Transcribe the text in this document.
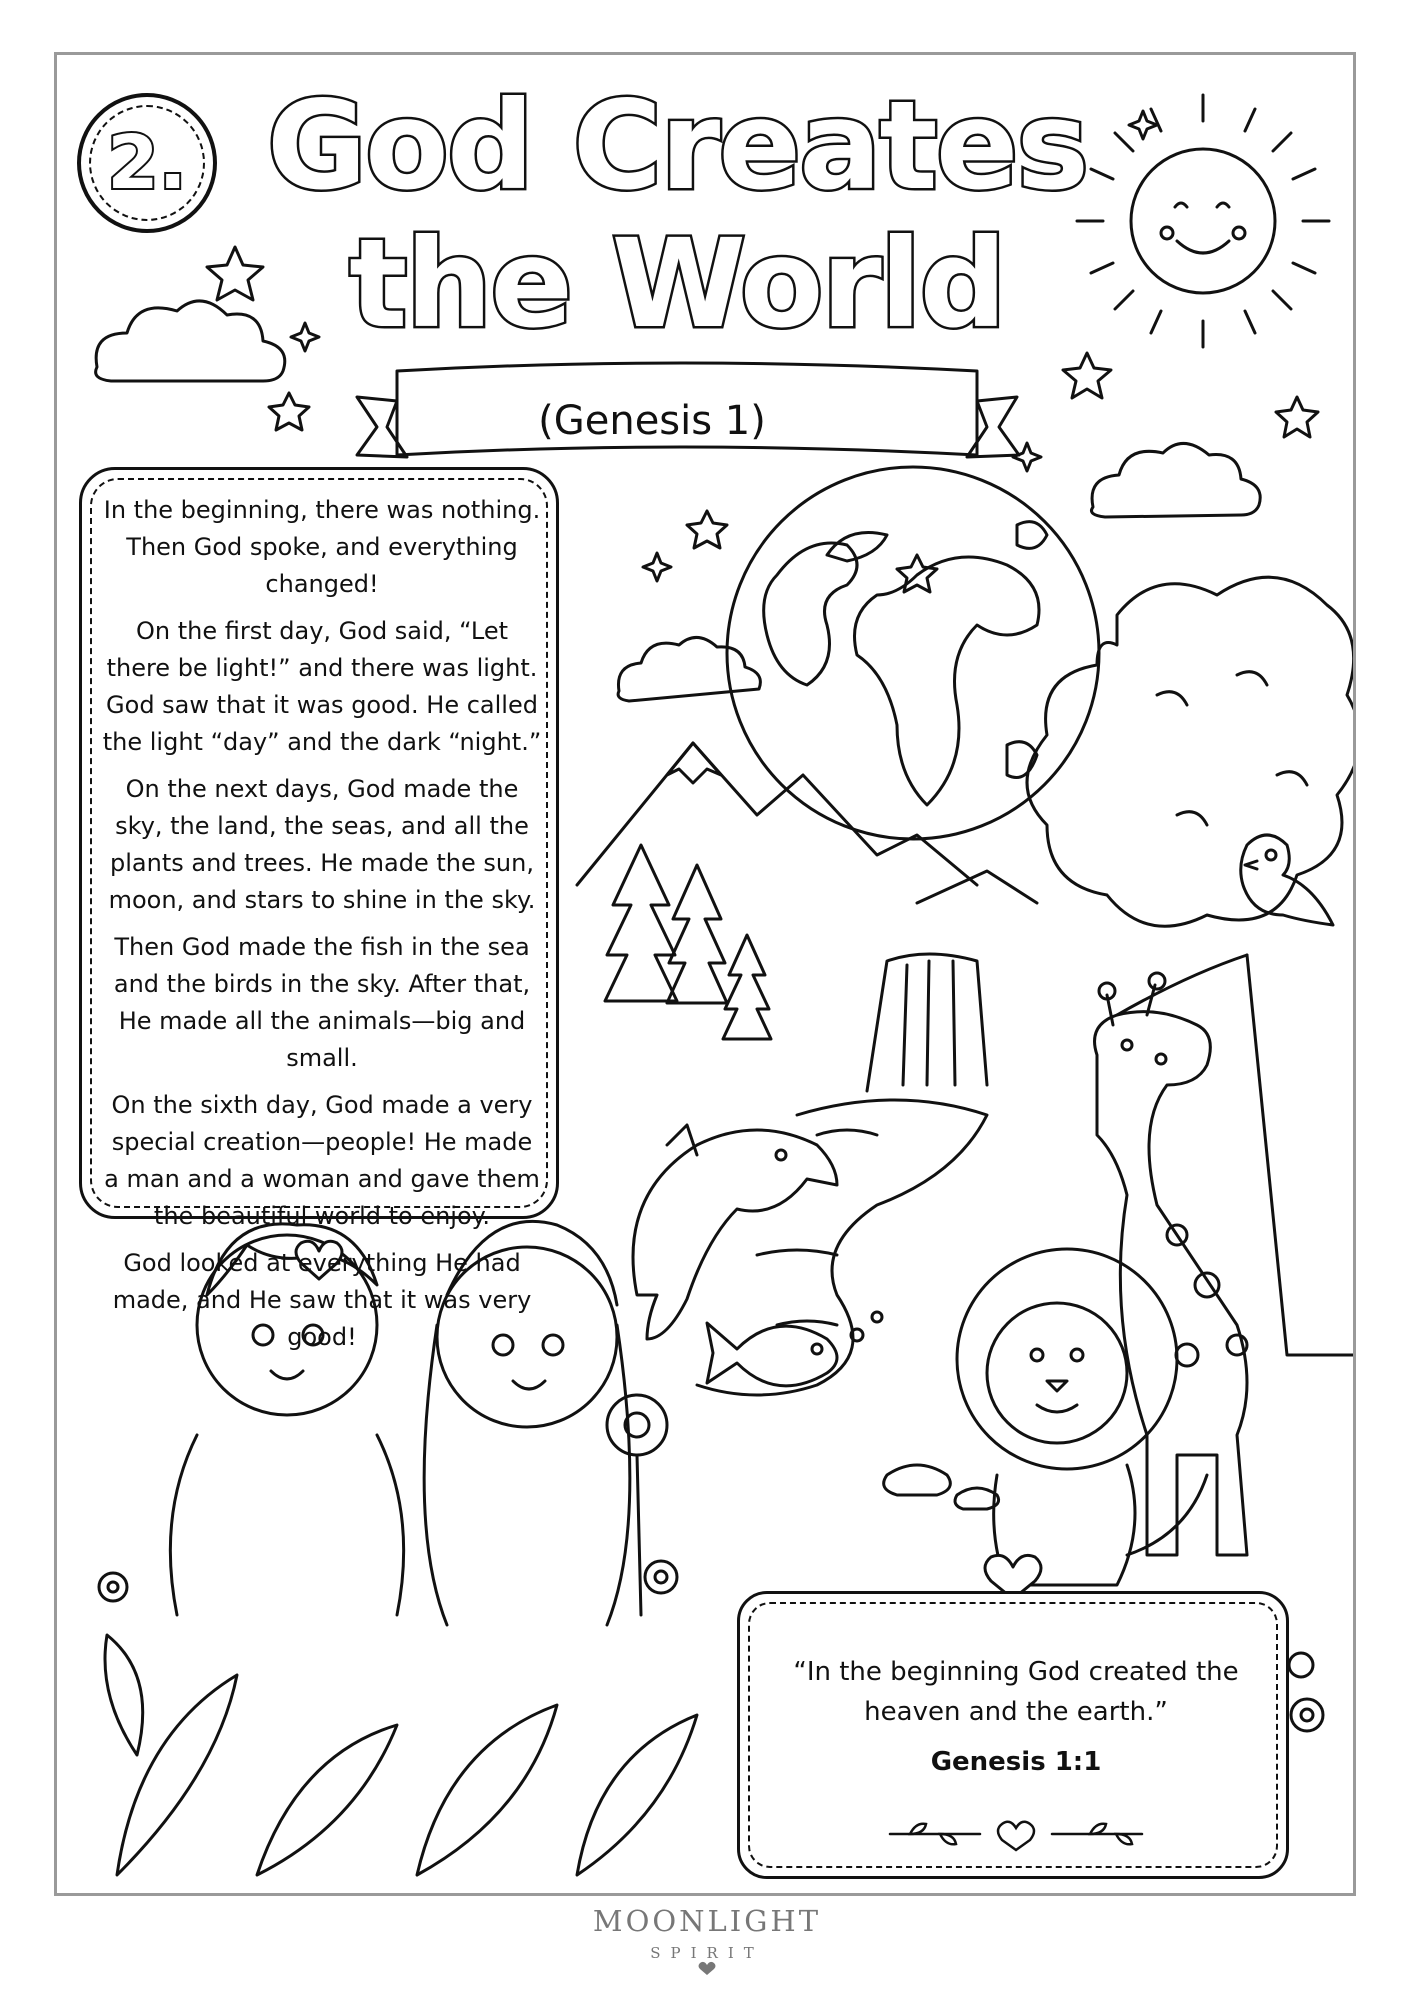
2. God Creates
the World
(Genesis 1)

In the beginning, there was nothing. Then God spoke, and everything changed!

On the first day, God said, “Let there be light!” and there was light. God saw that it was good. He called the light “day” and the dark “night.”

On the next days, God made the sky, the land, the seas, and all the plants and trees. He made the sun, moon, and stars to shine in the sky.

Then God made the fish in the sea and the birds in the sky. After that, He made all the animals—big and small.

On the sixth day, God made a very special creation—people! He made a man and a woman and gave them the beautiful world to enjoy.

God looked at everything He had made, and He saw that it was very good!

“In the beginning God created the heaven and the earth.”
Genesis 1:1
MOONLIGHT
SPIRIT
